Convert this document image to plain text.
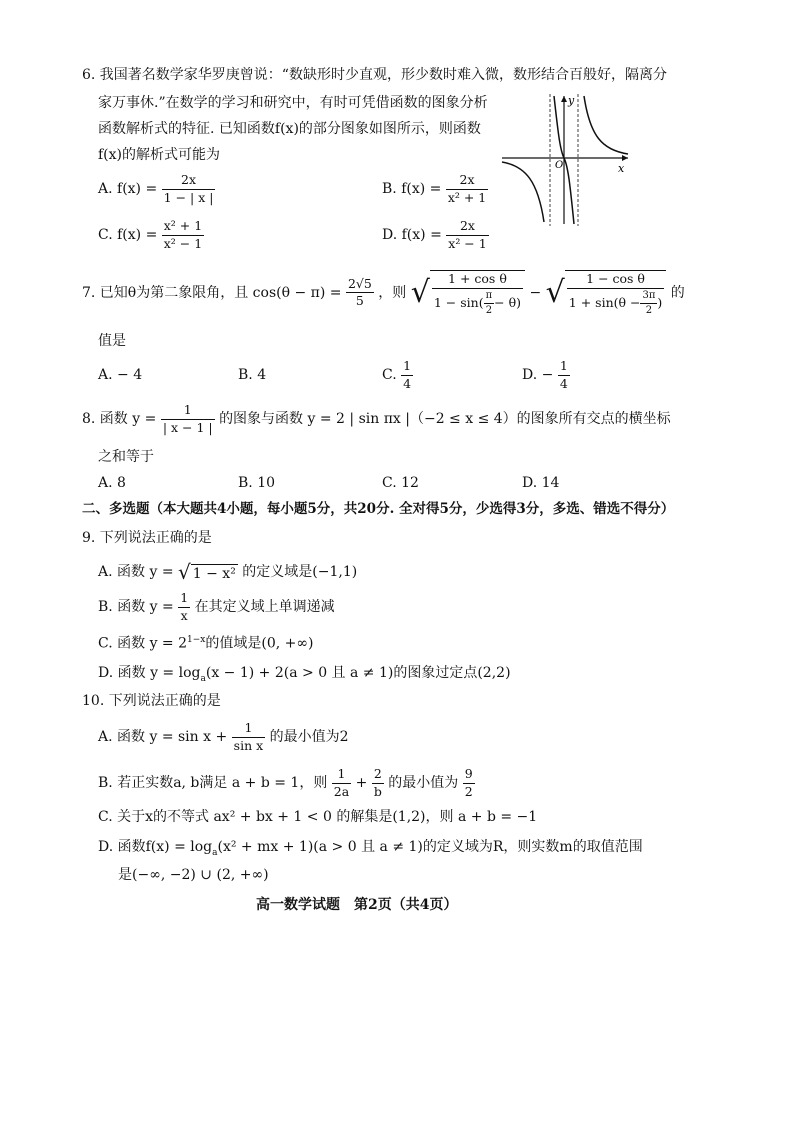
6. 我国著名数学家华罗庚曾说：“数缺形时少直观，形少数时难入微，数形结合百般好，隔离分
家万事休.”在数学的学习和研究中，有时可凭借函数的图象分析
函数解析式的特征. 已知函数f(x)的部分图象如图所示，则函数
f(x)的解析式可能为
A. $f(x) = \frac{2x}{1 - | x |}$	B. $f(x) = \frac{2x}{\text{x² + 1}}$
C. $f(x) = \frac{\text{x² + 1}}{\text{x² − 1}}$	D. $f(x) = \frac{2x}{\text{x² − 1}}$
y
x
O
7. 已知θ为第二象限角，且 $\cos(\theta - \pi) = \frac{2√5}{5}$ ，则 √ $\frac{\text{1 + cos θ}}{1 - \sin( \frac{\pi}{2} - \theta)}$ − √ $\frac{\text{1 − cos θ}}{1 + \sin(\theta - \frac{3\pi}{2} )}$ 的
值是
A. − 4	B. 4	C. $\frac{1}{4}$	D. − $\frac{1}{4}$
8. 函数 $y = \frac{1}{| x - 1 |}$ 的图象与函数 y = 2 | sin πx |（−2 ≤ x ≤ 4）的图象所有交点的横坐标
之和等于
A. 8	B. 10	C. 12	D. 14
二、多选题（本大题共4小题，每小题5分，共20分. 全对得5分，少选得3分，多选、错选不得分）
9. 下列说法正确的是
A. 函数 y = √ 1 − x² 的定义域是(−1,1)
B. 函数 $y = \frac{1}{x}$ 在其定义域上单调递减
C. 函数 $y = 2^{1-x}$的值域是(0, +∞)
D. 函数 $y = \log_a(x - 1) + 2(a > 0$ 且 a ≠ 1)的图象过定点(2,2)
10. 下列说法正确的是
A. 函数 $y = \sin x + \frac{1}{\text{sin x}}$ 的最小值为2
B. 若正实数a, b满足 a + b = 1，则 $\frac{1}{2a} + \frac{2}{b}$ 的最小值为 $\frac{9}{2}$
C. 关于x的不等式 ax² + bx + 1 < 0 的解集是(1,2)，则 a + b = −1
D. 函数$f(x) = \log_a(x^2$ + mx + 1)(a > 0 且 a ≠ 1)的定义域为R，则实数m的取值范围
是(−∞, −2) ∪ (2, +∞)
高一数学试题　第2页（共4页）
